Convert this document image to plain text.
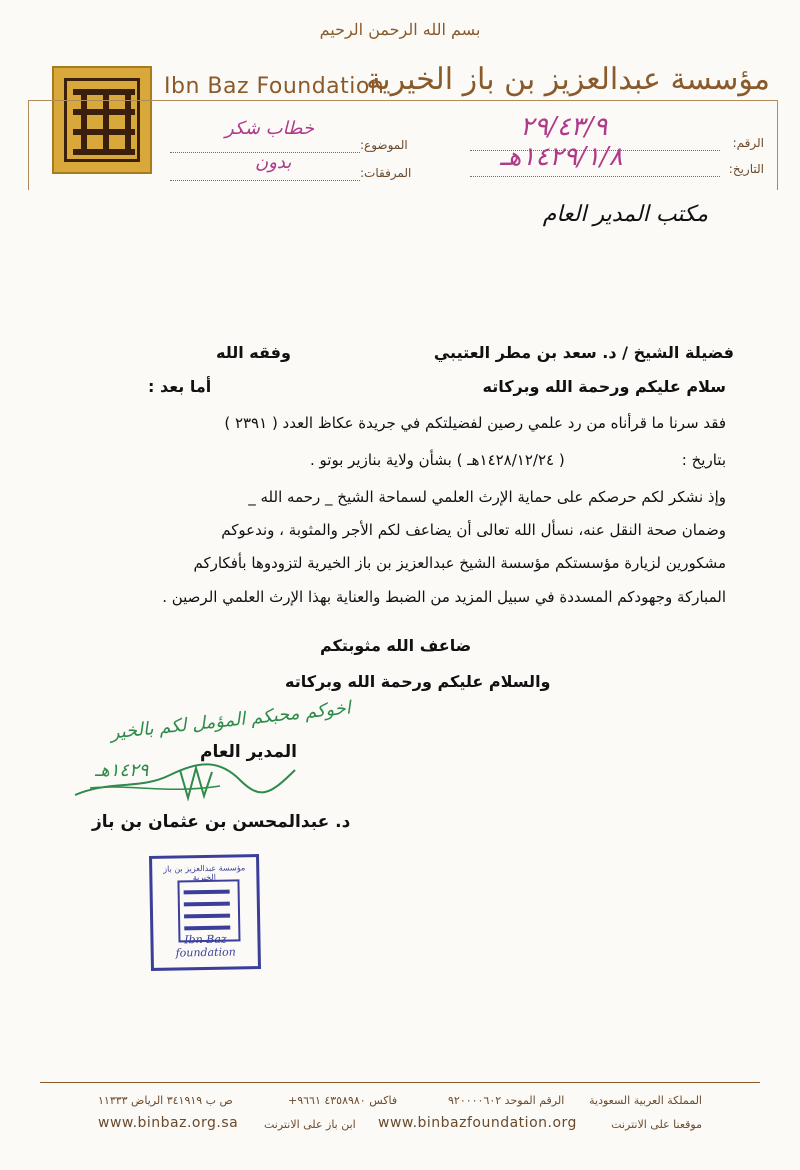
بسم الله الرحمن الرحيم
Ibn Baz Foundation
مؤسسة عبدالعزيز بن باز الخيرية
الرقم:
٢٩/٤٣/٩
التاريخ:
١٤٢٩/١/٨هـ
الموضوع:
خطاب شكر
المرفقات:
بدون
مكتب المدير العام
فضيلة الشيخ / د. سعد بن مطر العتيبي
وفقه الله
سلام عليكم ورحمة الله وبركاته
أما بعد :
فقد سرنا ما قرأناه من رد علمي رصين لفضيلتكم في جريدة عكاظ العدد ( ٢٣٩١ )
بتاريخ :
( ١٤٢٨/١٢/٢٤هـ ) بشأن ولاية بنازير بوتو .
وإذ نشكر لكم حرصكم على حماية الإرث العلمي لسماحة الشيخ _ رحمه الله _
وضمان صحة النقل عنه، نسأل الله تعالى أن يضاعف لكم الأجر والمثوبة ، وندعوكم
مشكورين لزيارة مؤسستكم مؤسسة الشيخ عبدالعزيز بن باز الخيرية لتزودوها بأفكاركم
المباركة وجهودكم المسددة في سبيل المزيد من الضبط والعناية بهذا الإرث العلمي الرصين .
ضاعف الله مثوبتكم
والسلام عليكم ورحمة الله وبركاته
اخوكم محبكم المؤمل لكم بالخير
المدير العام
١٤٢٩هـ
د. عبدالمحسن بن عثمان بن باز
مؤسسة عبدالعزيز بن باز الخيرية
Ibn Baz foundation
المملكة العربية السعودية
الرقم الموحد ٩٢٠٠٠٠٦٠٢
فاكس ٤٣٥٨٩٨٠ ٩٦٦١+
ص ب ٣٤١٩١٩ الرياض ١١٣٣٣
موقعنا على الانترنت
www.binbazfoundation.org
ابن باز على الانترنت
www.binbaz.org.sa
